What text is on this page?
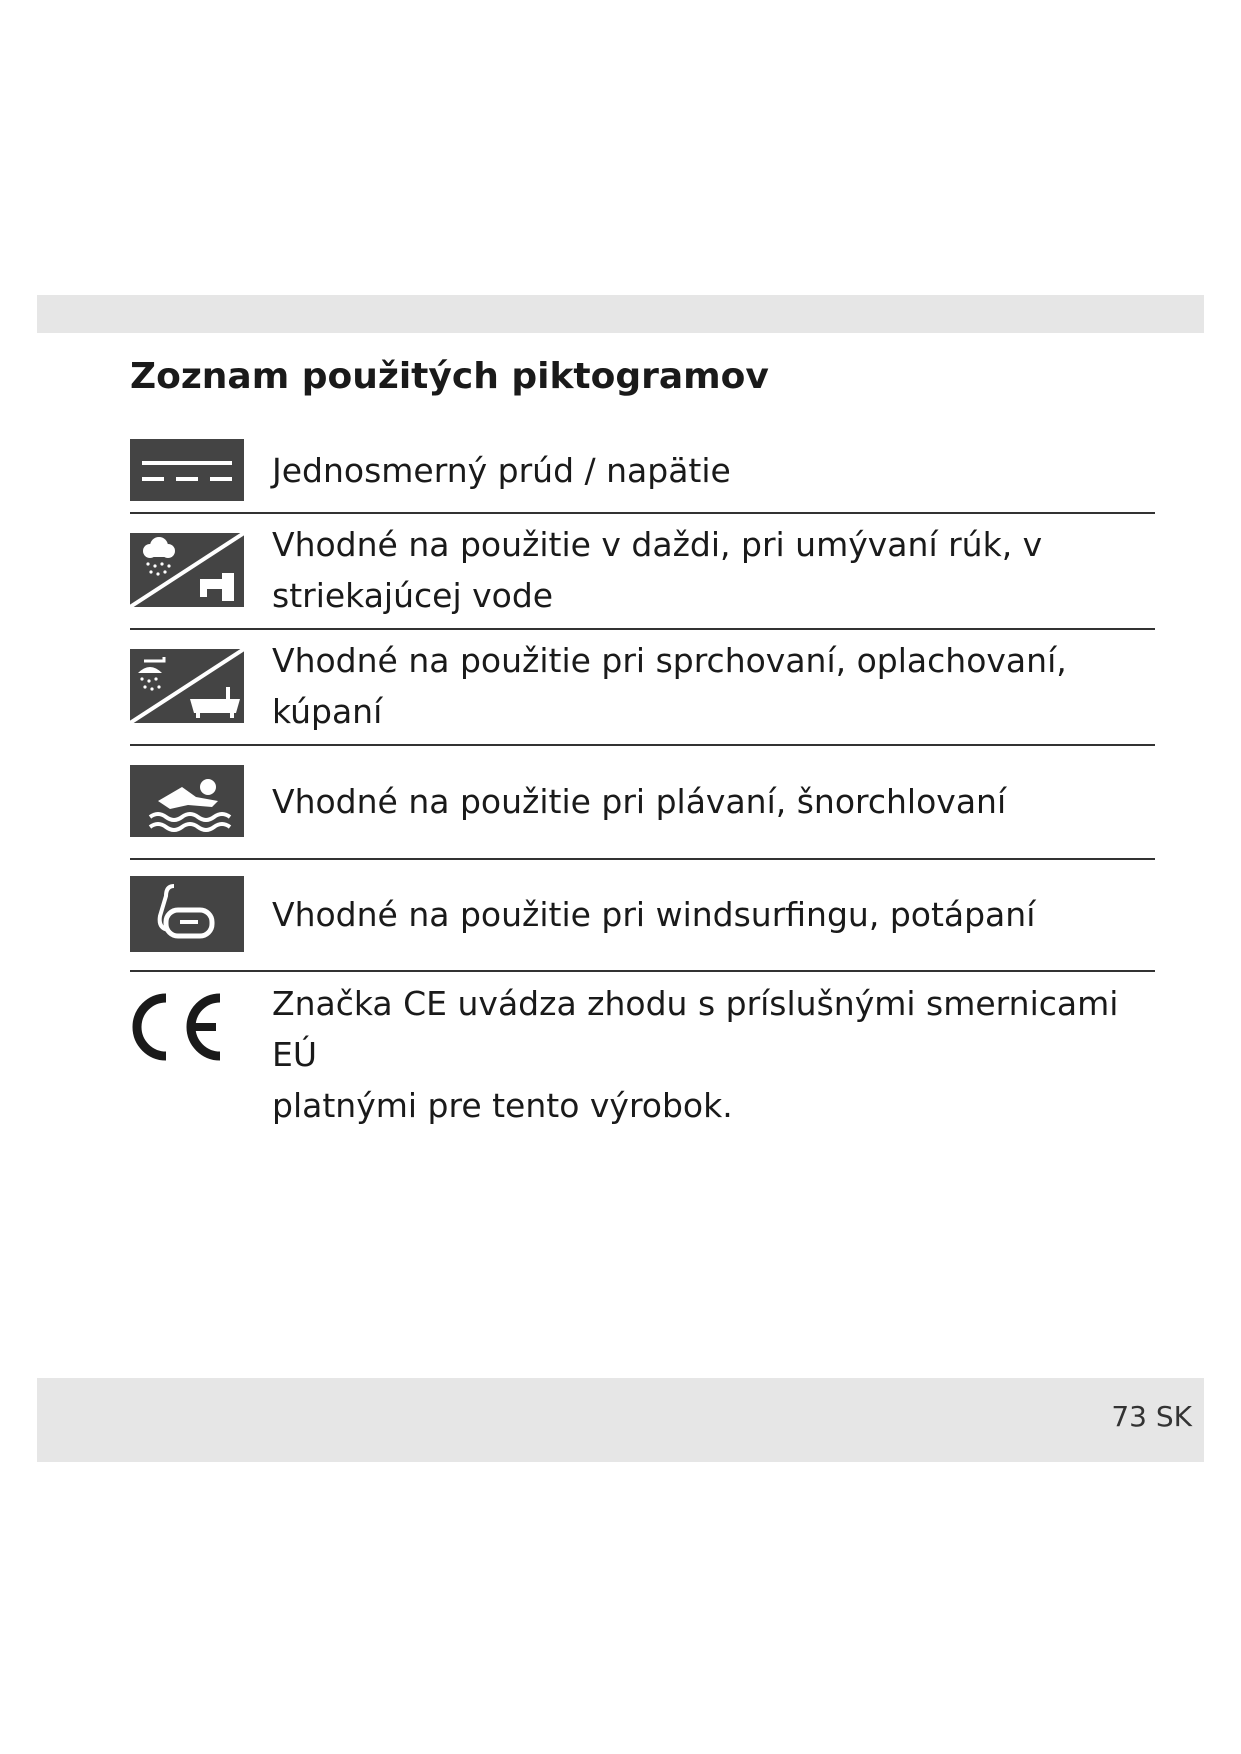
Zoznam použitých piktogramov
Jednosmerný prúd / napätie
Vhodné na použitie v daždi, pri umývaní rúk, v
striekajúcej vode
Vhodné na použitie pri sprchovaní, oplachovaní,
kúpaní
Vhodné na použitie pri plávaní, šnorchlovaní
Vhodné na použitie pri windsurfingu, potápaní
Značka CE uvádza zhodu s príslušnými smernicami EÚ
platnými pre tento výrobok.
73 SK
